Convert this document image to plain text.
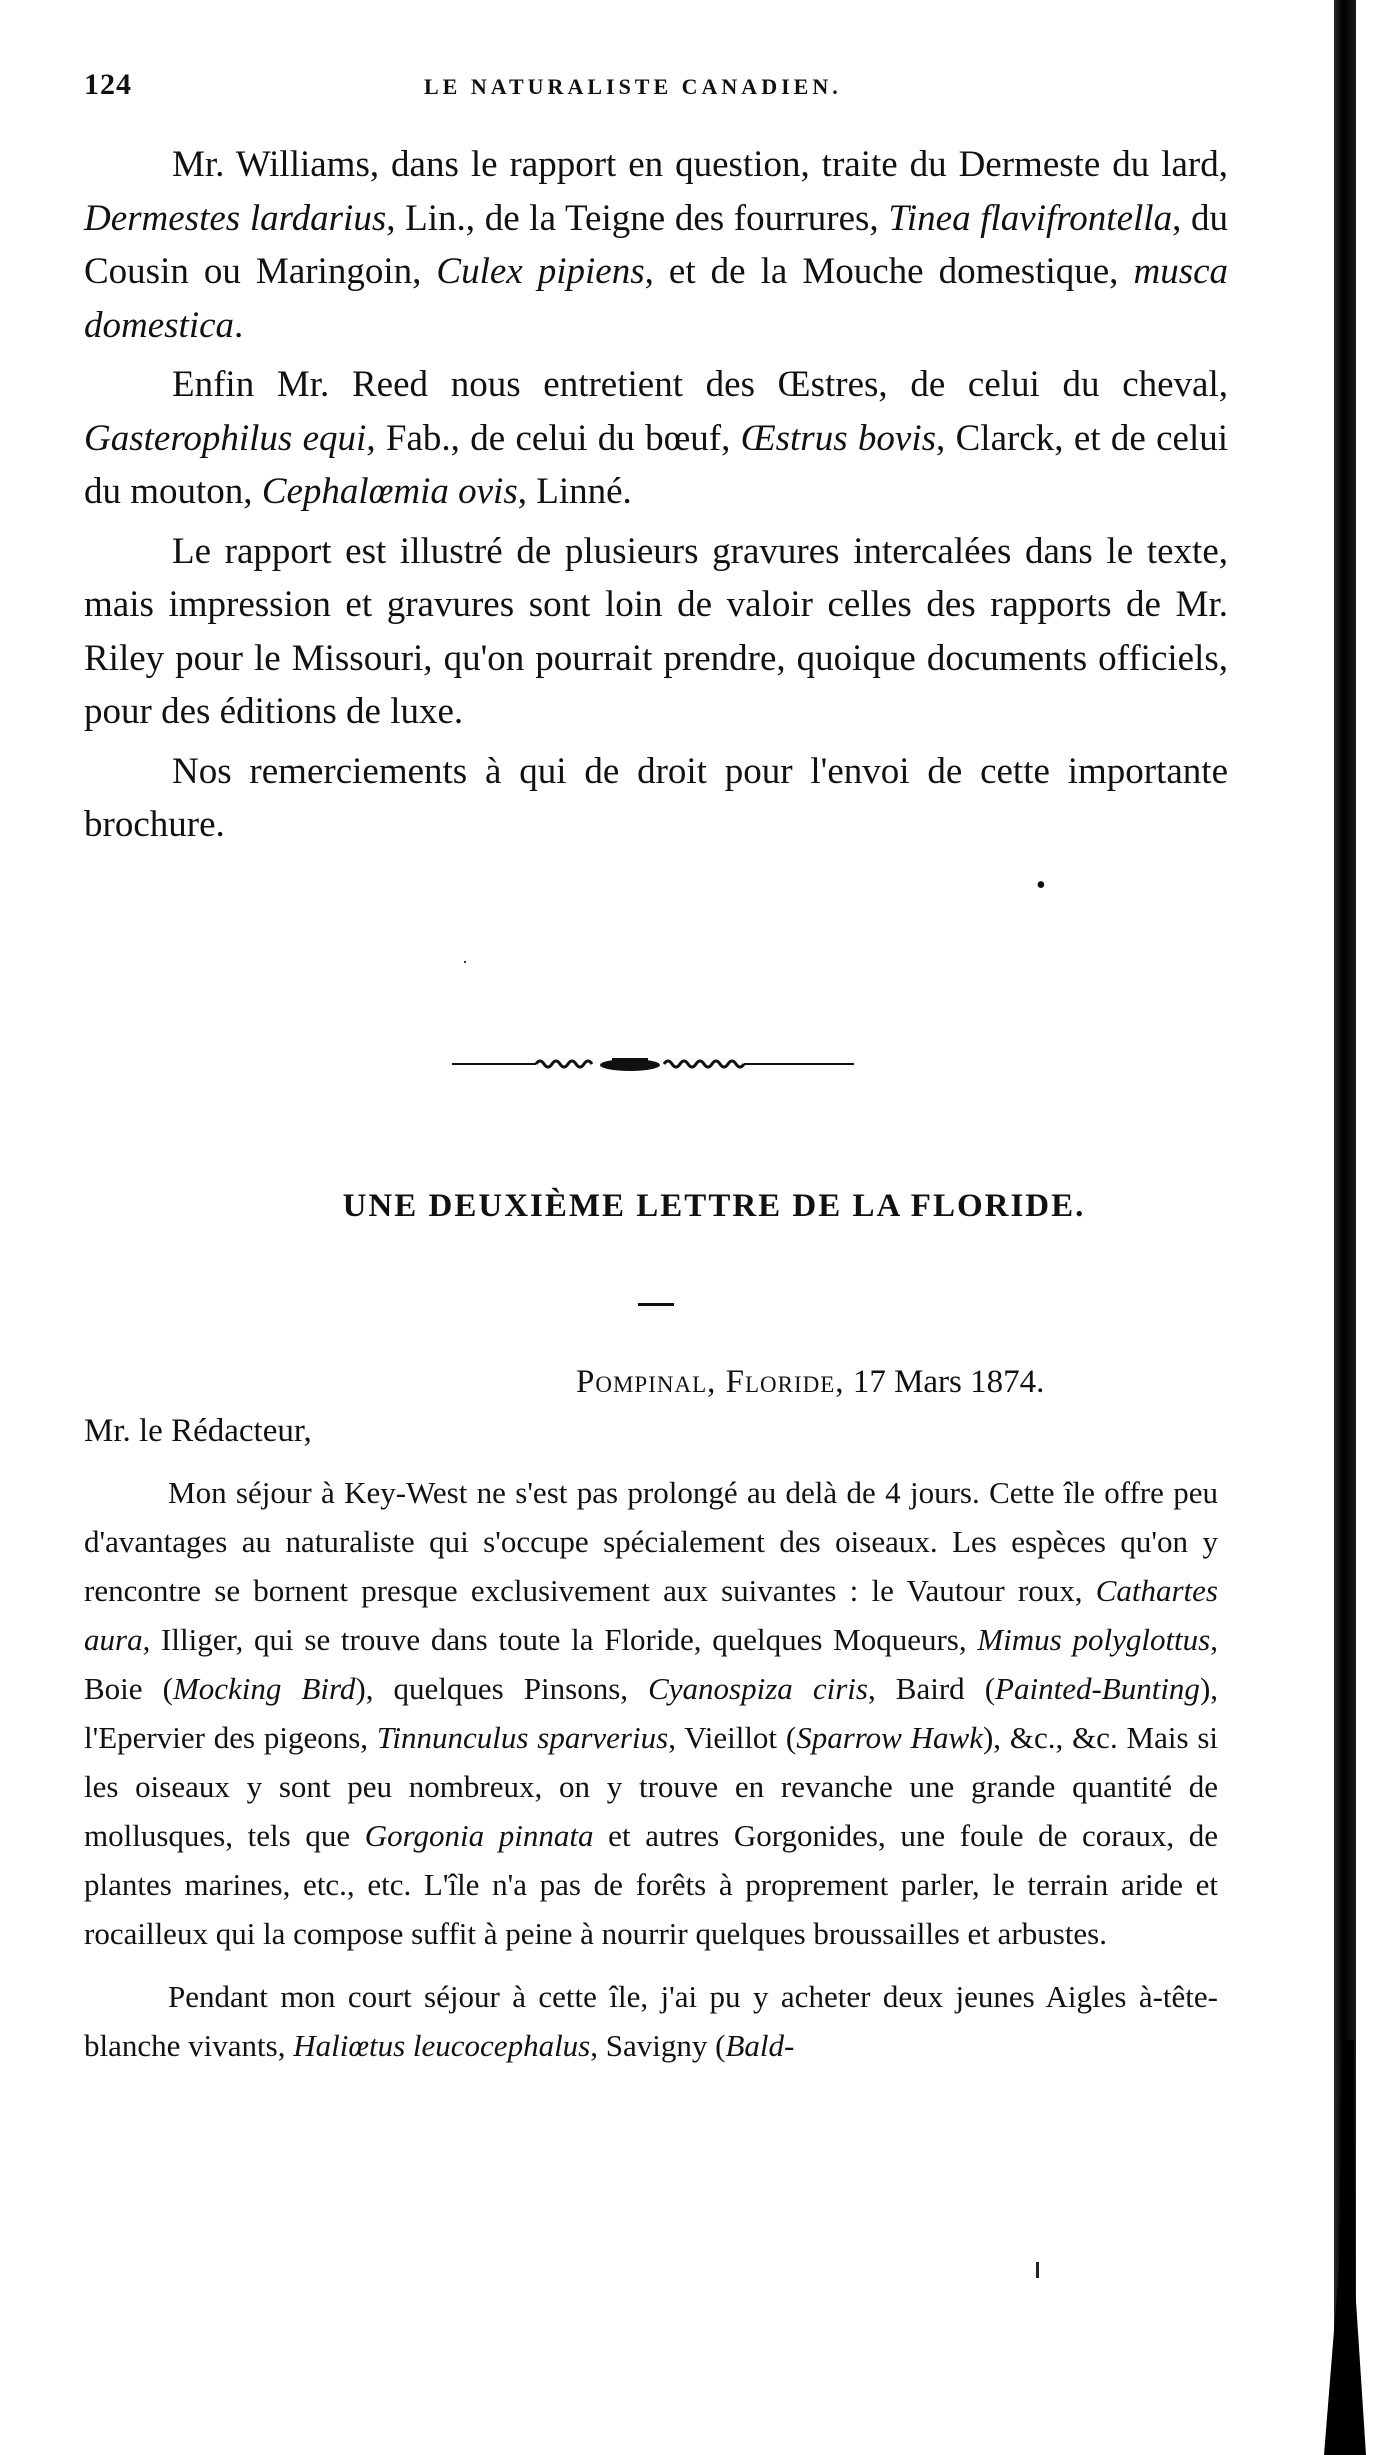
124	LE NATURALISTE CANADIEN.

Mr. Williams, dans le rapport en question, traite du Dermeste du lard, Dermestes lardarius, Lin., de la Teigne des fourrures, Tinea flavifrontella, du Cousin ou Maringoin, Culex pipiens, et de la Mouche domestique, musca domestica.

Enfin Mr. Reed nous entretient des Œstres, de celui du cheval, Gasterophilus equi, Fab., de celui du bœuf, Œstrus bovis, Clarck, et de celui du mouton, Cephalœmia ovis, Linné.

Le rapport est illustré de plusieurs gravures intercalées dans le texte, mais impression et gravures sont loin de valoir celles des rapports de Mr. Riley pour le Missouri, qu'on pourrait prendre, quoique documents officiels, pour des éditions de luxe.

Nos remerciements à qui de droit pour l'envoi de cette importante brochure.

•
·
UNE DEUXIÈME LETTRE DE LA FLORIDE.
Pompinal, Floride, 17 Mars 1874.
Mr. le Rédacteur,

Mon séjour à Key-West ne s'est pas prolongé au delà de 4 jours. Cette île offre peu d'avantages au naturaliste qui s'occupe spécialement des oiseaux. Les espèces qu'on y rencontre se bornent presque exclusivement aux suivantes : le Vautour roux, Cathartes aura, Illiger, qui se trouve dans toute la Floride, quelques Moqueurs, Mimus polyglottus, Boie (Mocking Bird), quelques Pinsons, Cyanospiza ciris, Baird (Painted-Bunting), l'Epervier des pigeons, Tinnunculus sparverius, Vieillot (Sparrow Hawk), &c., &c. Mais si les oiseaux y sont peu nombreux, on y trouve en revanche une grande quantité de mollusques, tels que Gorgonia pinnata et autres Gorgonides, une foule de coraux, de plantes marines, etc., etc. L'île n'a pas de forêts à proprement parler, le terrain aride et rocailleux qui la compose suffit à peine à nourrir quelques broussailles et arbustes.

Pendant mon court séjour à cette île, j'ai pu y acheter deux jeunes Aigles à-tête-blanche vivants, Haliœtus leucocephalus, Savigny (Bald-
